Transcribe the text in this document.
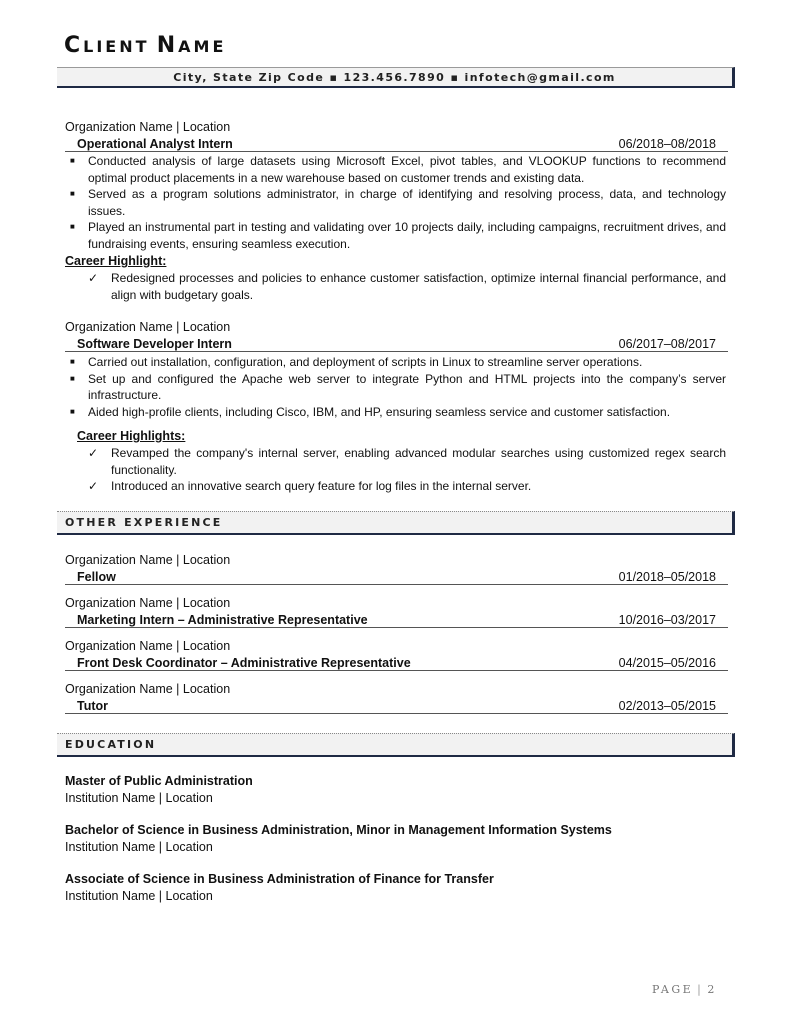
CLIENT NAME
City, State Zip Code ▪ 123.456.7890 ▪ infotech@gmail.com
Organization Name | Location
Operational Analyst Intern	06/2018–08/2018
■ Conducted analysis of large datasets using Microsoft Excel, pivot tables, and VLOOKUP functions to recommend optimal product placements in a new warehouse based on customer trends and existing data.
■ Served as a program solutions administrator, in charge of identifying and resolving process, data, and technology issues.
■ Played an instrumental part in testing and validating over 10 projects daily, including campaigns, recruitment drives, and fundraising events, ensuring seamless execution.
Career Highlight:
✓ Redesigned processes and policies to enhance customer satisfaction, optimize internal financial performance, and align with budgetary goals.
Organization Name | Location
Software Developer Intern	06/2017–08/2017
■ Carried out installation, configuration, and deployment of scripts in Linux to streamline server operations.
■ Set up and configured the Apache web server to integrate Python and HTML projects into the company’s server infrastructure.
■ Aided high-profile clients, including Cisco, IBM, and HP, ensuring seamless service and customer satisfaction.
Career Highlights:
✓ Revamped the company's internal server, enabling advanced modular searches using customized regex search functionality.
✓ Introduced an innovative search query feature for log files in the internal server.
OTHER EXPERIENCE
Organization Name | Location
Fellow	01/2018–05/2018
Organization Name | Location
Marketing Intern – Administrative Representative	10/2016–03/2017
Organization Name | Location
Front Desk Coordinator – Administrative Representative	04/2015–05/2016
Organization Name | Location
Tutor	02/2013–05/2015
EDUCATION
Master of Public Administration
Institution Name | Location
Bachelor of Science in Business Administration, Minor in Management Information Systems
Institution Name | Location
Associate of Science in Business Administration of Finance for Transfer
Institution Name | Location
PAGE | 2
